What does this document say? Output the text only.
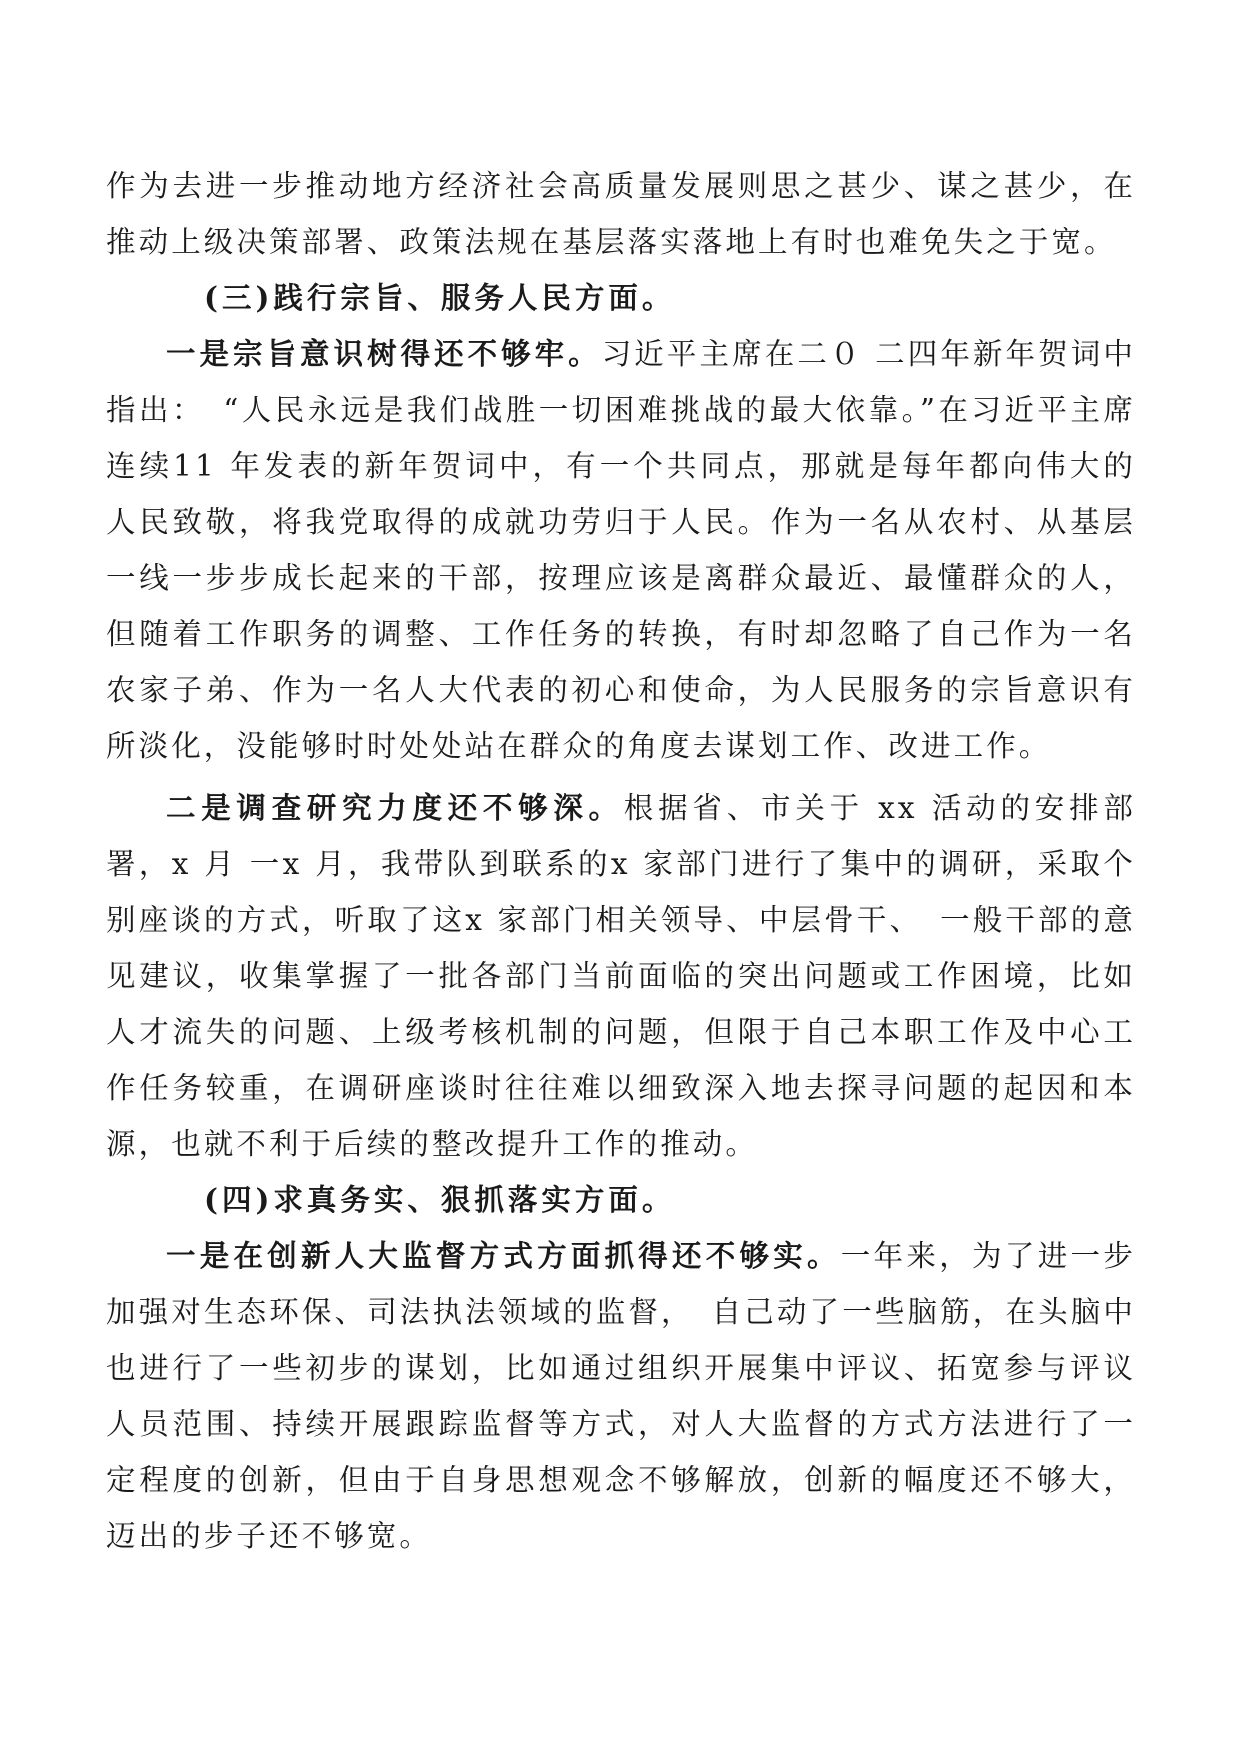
作为去进一步推动地方经济社会高质量发展则思之甚少、谋之甚少，在推动上级决策部署、政策法规在基层落实落地上有时也难免失之于宽。

(三)践行宗旨、服务人民方面。

一是宗旨意识树得还不够牢。习近平主席在二０ 二四年新年贺词中指出：　“人民永远是我们战胜一切困难挑战的最大依靠。”在习近平主席连续11 年发表的新年贺词中，有一个共同点，那就是每年都向伟大的人民致敬，将我党取得的成就功劳归于人民。作为一名从农村、从基层一线一步步成长起来的干部，按理应该是离群众最近、最懂群众的人，但随着工作职务的调整、工作任务的转换，有时却忽略了自己作为一名农家子弟、作为一名人大代表的初心和使命，为人民服务的宗旨意识有所淡化，没能够时时处处站在群众的角度去谋划工作、改进工作。

二是调查研究力度还不够深。根据省、市关于 xx 活动的安排部署，x 月 一x 月，我带队到联系的x 家部门进行了集中的调研，采取个别座谈的方式，听取了这x 家部门相关领导、中层骨干、　一般干部的意见建议，收集掌握了一批各部门当前面临的突出问题或工作困境，比如人才流失的问题、上级考核机制的问题，但限于自己本职工作及中心工作任务较重，在调研座谈时往往难以细致深入地去探寻问题的起因和本源，也就不利于后续的整改提升工作的推动。

(四)求真务实、狠抓落实方面。

一是在创新人大监督方式方面抓得还不够实。一年来，为了进一步加强对生态环保、司法执法领域的监督，　自己动了一些脑筋，在头脑中也进行了一些初步的谋划，比如通过组织开展集中评议、拓宽参与评议人员范围、持续开展跟踪监督等方式，对人大监督的方式方法进行了一定程度的创新，但由于自身思想观念不够解放，创新的幅度还不够大，迈出的步子还不够宽。
